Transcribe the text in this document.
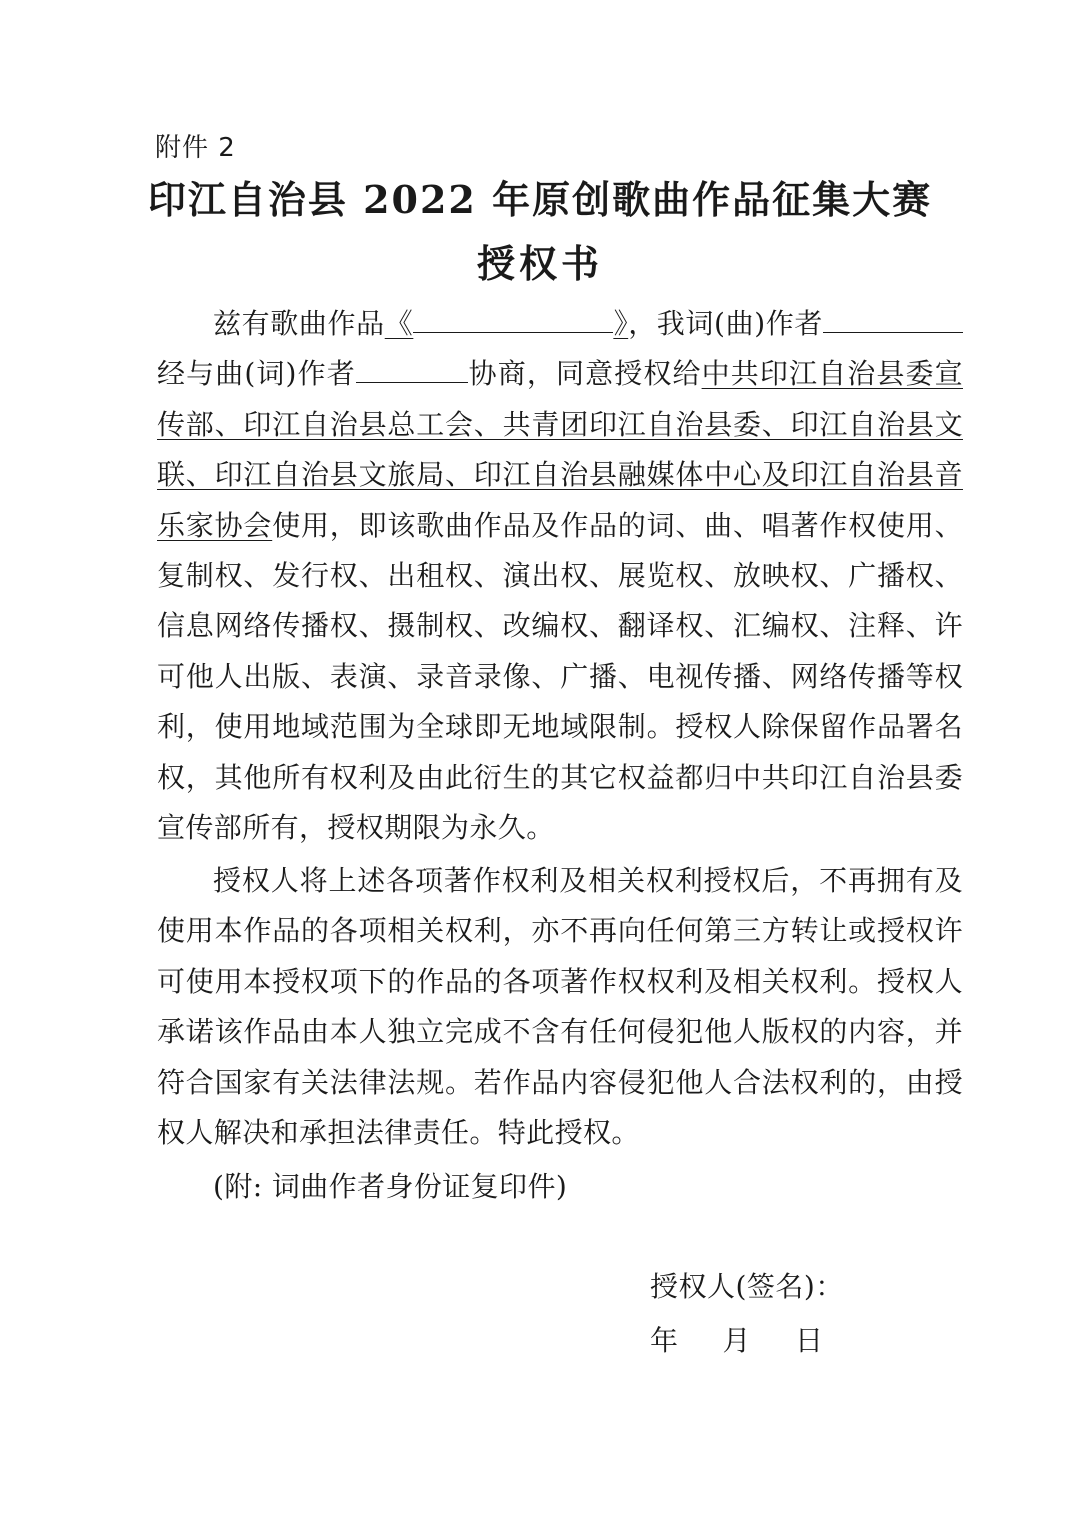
附件 2

印江自治县 2022 年原创歌曲作品征集大赛
授权书

兹有歌曲作品《	》，我词(曲)作者经与曲(词)作者	协商，同意授权给中共印江自治县委宣传部、印江自治县总工会、共青团印江自治县委、印江自治县文联、印江自治县文旅局、印江自治县融媒体中心及印江自治县音乐家协会使用，即该歌曲作品及作品的词、曲、唱著作权使用、复制权、发行权、出租权、演出权、展览权、放映权、广播权、信息网络传播权、摄制权、改编权、翻译权、汇编权、注释、许可他人出版、表演、录音录像、广播、电视传播、网络传播等权利，使用地域范围为全球即无地域限制。授权人除保留作品署名权，其他所有权利及由此衍生的其它权益都归中共印江自治县委宣传部所有，授权期限为永久。

授权人将上述各项著作权利及相关权利授权后，不再拥有及使用本作品的各项相关权利，亦不再向任何第三方转让或授权许可使用本授权项下的作品的各项著作权权利及相关权利。授权人承诺该作品由本人独立完成不含有任何侵犯他人版权的内容，并符合国家有关法律法规。若作品内容侵犯他人合法权利的，由授权人解决和承担法律责任。特此授权。

(附: 词曲作者身份证复印件)

授权人(签名)：

年 月 日
